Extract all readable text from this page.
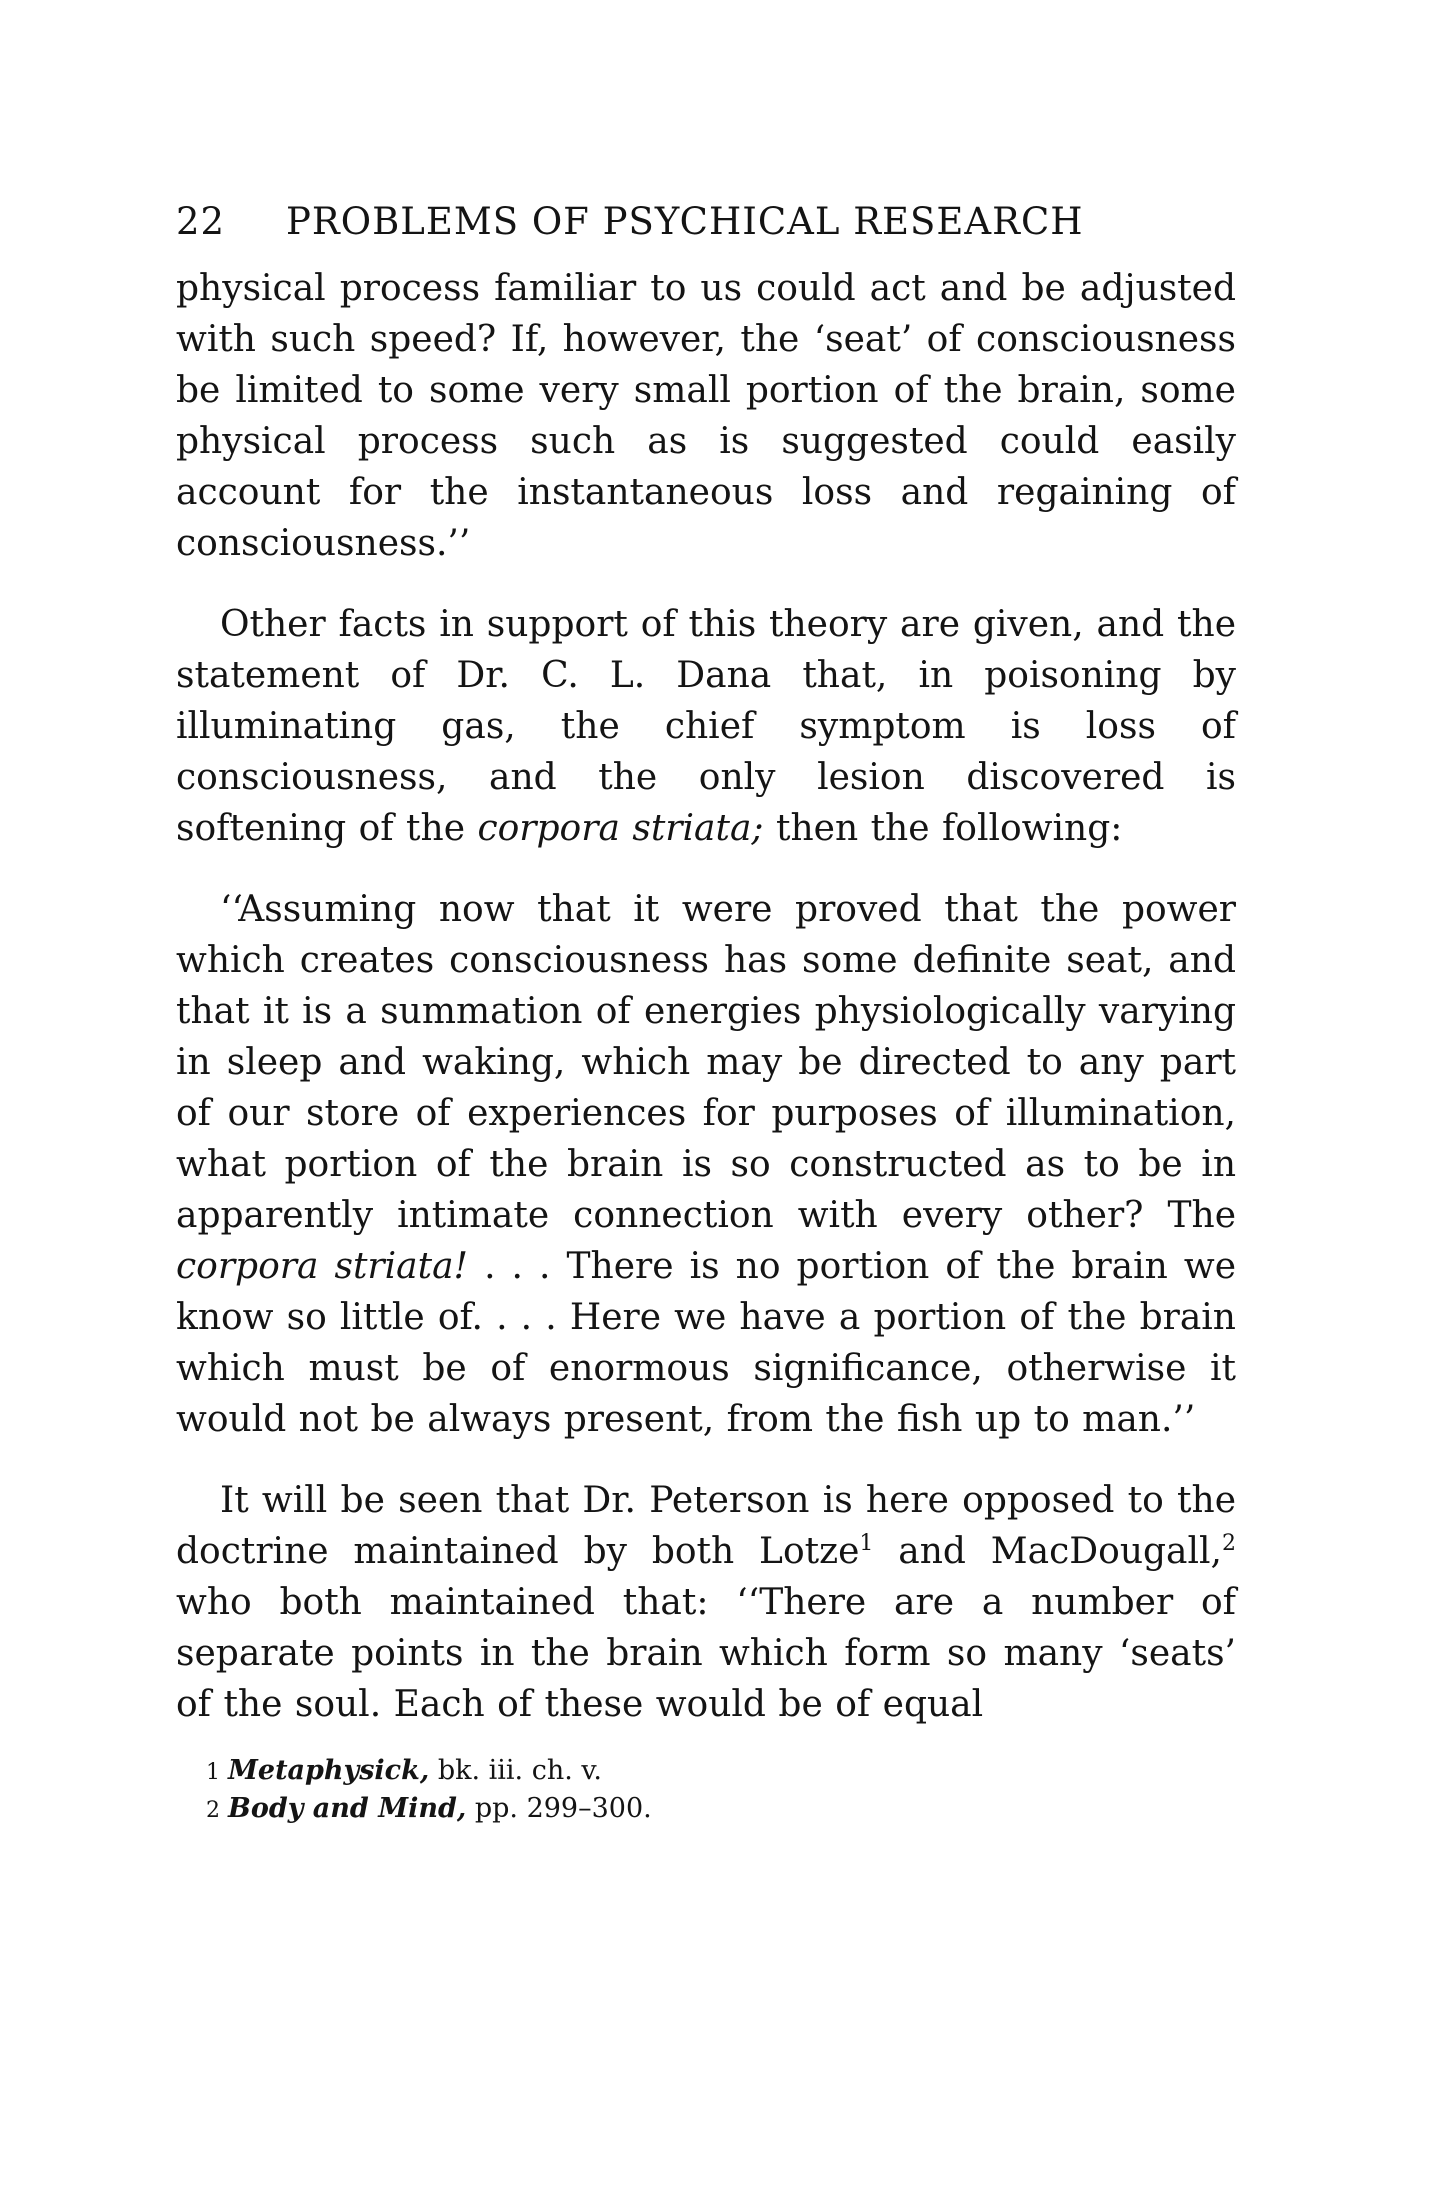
22	PROBLEMS OF PSYCHICAL RESEARCH

physical process familiar to us could act and be adjusted with such speed? If, however, the ‘seat’ of consciousness be limited to some very small portion of the brain, some physical process such as is suggested could easily account for the instantaneous loss and regaining of consciousness.’’

Other facts in support of this theory are given, and the statement of Dr. C. L. Dana that, in poisoning by illuminating gas, the chief symptom is loss of consciousness, and the only lesion discovered is softening of the corpora striata; then the following:

‘‘Assuming now that it were proved that the power which creates consciousness has some definite seat, and that it is a summation of energies physiologically varying in sleep and waking, which may be directed to any part of our store of experiences for purposes of illumination, what portion of the brain is so constructed as to be in apparently intimate connection with every other? The corpora striata! . . . There is no portion of the brain we know so little of. . . . Here we have a portion of the brain which must be of enormous significance, otherwise it would not be always present, from the fish up to man.’’

It will be seen that Dr. Peterson is here opposed to the doctrine maintained by both Lotze$^1$ and MacDougall,$^2$ who both maintained that: ‘‘There are a number of separate points in the brain which form so many ‘seats’ of the soul. Each of these would be of equal

$^1$ Metaphysick, bk. iii. ch. v.
$^2$ Body and Mind, pp. 299–300.
